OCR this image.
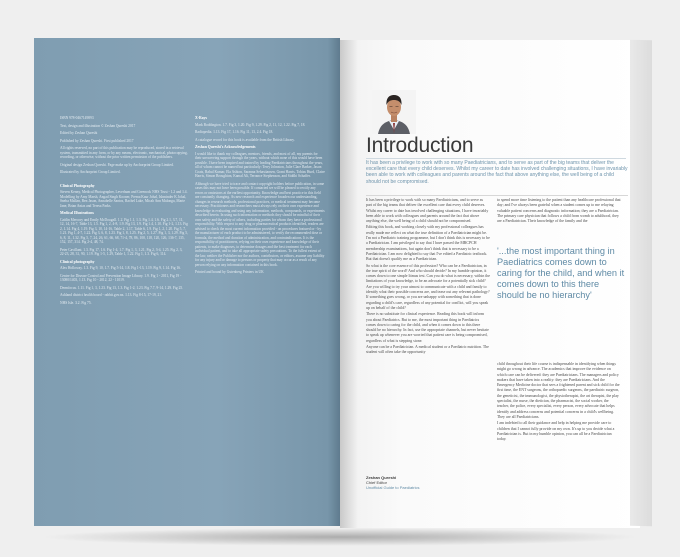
ISBN 978-0467149893

Text, design and illustration © Zeshan Qureshi 2017

Edited by Zeshan Qureshi

Published by Zeshan Qureshi. First published 2017

All rights reserved, no part of this publication may be reproduced, stored in a retrieval system, transmitted in any form, or by any means, electronic, mechanical, photocopying, recording, or otherwise, without the prior written permission of the publishers.

Original design Zeshan Qureshi. Page make up by Anchorprint Group Limited.

Illustrated by Anchorprint Group Limited.

Clinical Photography

Steven Kenny, Medical Photographer, Leverhum and Greenock NHS Trust - 1.2 and 1.4. Modelling by Amy Marsh, Angad Singh Kooner, Prema Kaur Johal, Ishminder K Johal, Sneha Mallan, Ben Jason, Annabelle Santos, Rachel Lake, Micah Ann Malonga, Marie Jane, Brian Anias and Teresa Parks.

Medical Illustrations

Caitlin Mercory and Emily McDougall. 1.2. Fig 1.1, 1.3. Fig 1.4, 1.6. Fig 2.1, 3.7, 11, 12, 14, 16-7, Table 13, 1.5. Fig 1, 2, 4-8, 1.9. Fig 13, 1.9. Fig 1.4, 1.10. Fig 1-2, 1.13. Fig 2, 1.14. Fig 4, 1.19. Fig 3, 10, 14-16, Table 2, 1.17, Table 6, 1.9. Fig 1, 2, 1.20. Fig 5, 7, 1.21. Fig 1, 4-7, 1.22. Fig 3, 6, 8, 1.23. Fig 1, 8, 1.25. Fig 2, 5, 1.27. Fig 1, 3, 1.29. Fig 5, 6, 8, 11, 1.32. Fig 5, 7, 24, 26, 61, 66, 68, 71-4, 78, 86, 100, 118, 120, 126, 136-7, 135, 152, 157, 314. Fig 2-4, 48, 74.

Peter Cavillant. 1.3. Fig 17, 1.6. Fig 1-4, 1.7. Fig 1, 3, 1.21, Fig 2, 3-4, 1.25. Fig 2, 3, 22-23, 28, 31, 90, 1.19. Fig 1-5, 1.29, Table 1, 1.22. Fig 1, 1.3. Fig 6, 114.

Clinical photography

Alex Holloway. 1.3. Fig 9, 10, 1.7. Fig 5-14, 1.8. Fig 1-13, 1.19. Fig 9, 1.14. Fig 16.

Centre for Disease Control and Prevention Image Library. 1.9. Fig 1 - 2011, Fig 19 - 13080/1403, 1.13. Fig 10 - 2012, 22 - 11019.

Dermfocus. 1.11. Fig 1, 3, 1.23. Fig 13, 1.3. Fig 1-2, 1.23. Fig 7.7, 9-14, 1.29. Fig 25.

Ashland district health board - rabbit.gov.nz. 1.13. Fig 8-15, 17-19, 21.

NHS Isle. 3.2. Fig 75.

X-Rays

Mark Boddington. 1.7. Fig 3, 1.20. Fig 9, 1.29. Fig 2, 11, 12, 1.22. Fig 7, 18.

Radiopedia. 1.13. Fig 17, 1.16. Fig 11, 13, 2.4. Fig 18.

A catalogue record for this book is available from the British Library.

Zeshan Qureshi's Acknowledgements

I would like to thank my colleagues, mentors, friends, and most of all, my parents for their unswerving support through the years, without which none of this would have been possible. I have been inspired and trained by leading Paediatricians throughout the years, all of whom cannot be named but particularly: Terry Johnston, Julie Clare Barker, Jason Coats, Rahul Kumar, Ela Ashton, Saranna Sebastiansen, Grant Harris, Tobias Hurd, Claire Harris, Simon Broughton, Kamal Ali, Terrance Stephenson, and Siddhi Schaffer.

Although we have tried to trace and contact copyright holders before publication, in some cases this may not have been possible. If contacted we will be pleased to rectify any errors or omissions at the earliest opportunity. Knowledge and best practice in this field are constantly changing. As new research and experience broaden our understanding, changes in research methods, professional practices, or medical treatment may become necessary. Practitioners and researchers must always rely on their own experience and knowledge in evaluating and using any information, methods, compounds, or experiments described herein. In using such information or methods they should be mindful of their own safety and the safety of others, including parties for whom they have a professional responsibility. With respect to any drug or pharmaceutical products identified, readers are advised to check the most current information provided - on procedures featured or - by the manufacturer of each product to be administered, to verify the recommended dose or formula, the method and duration of administration, and contraindications. It is the responsibility of practitioners, relying on their own experience and knowledge of their patients, to make diagnoses, to determine dosages and the best treatment for each individual patient, and to take all appropriate safety precautions. To the fullest extent of the law, neither the Publisher nor the authors, contributors, or editors, assume any liability for any injury and/or damage to persons or property that may occur as a result of any person relying on any information contained in this book.

Printed and bound by Gutenberg Printers in UK

Introduction

It has been a privilege to work with so many Paediatricians, and to serve as part of the big teams that deliver the excellent care that every child deserves. Whilst my career to date has involved challenging situations, I have invariably been able to work with colleagues and parents around the fact that above anything else, the well being of a child should not be compromised.

It has been a privilege to work with so many Paediatricians, and to serve as part of the big teams that deliver the excellent care that every child deserves. Whilst my career to date has involved challenging situations, I have invariably been able to work with colleagues and parents around the fact that above anything else, the well being of a child should not be compromised.

Editing this book, and working closely with my professional colleagues has really made me reflect on what the true definition of a Paediatrician might be. I'm not a Paediatric training programme, but I don't think this is necessary to be a Paediatrician. I am privileged to say that I have passed the MRCPCH membership examinations, but again don't think that is necessary to be a Paediatrician. I am now delighted to say that I've edited a Paediatric textbook. But that doesn't qualify me as a Paediatrician.

So what is the core essence of this profession? Who can be a Paediatrician, in the true spirit of the word? And who should decide? In my humble opinion, it comes down to one simple litmus test. Can you do what is necessary, within the limitations of your knowledge, to be an advocate for a potentially sick child? Are you willing to try your utmost to communicate with a child and family to identify what their possible concerns are, and tease out any relevant pathology? If something goes wrong, or you are unhappy with something that is done regarding a child's care, regardless of any potential for conflict, will you speak up on behalf of the child?

There is no substitute for clinical experience. Reading this book will inform you about Paediatrics. But to me, the most important thing in Paediatrics comes down to caring for the child, and when it comes down to this there should be no hierarchy. In fact, use the appropriate channels, but never hesitate to speak up whenever you are worried that patient care is being compromised, regardless of what is stepping stone.

Anyone can be a Paediatrician. A medical student or a Paediatric nutrition. The student will often take the opportunity

to spend more time listening to the patient than any healthcare professional that day; and I've always been grateful when a student comes up to me relaying valuable patient concerns and diagnostic information; they are a Paediatrician. The primary care physician that follows a child from womb to adulthood, they are a Paediatrician. Their knowledge of the family and the

'...the most important thing in Paediatrics comes down to caring for the child, and when it comes down to this there should be no hierarchy'

child throughout their life course is indispensable in identifying when things might go wrong in advance. The academics that improve the evidence on which care can be delivered: they are Paediatricians. The managers and policy makers that have taken into a reality: they are Paediatricians. And the Emergency Medicine doctor that sees a frightened parent and sick child for the first time, the ENT surgeons, the orthopaedic surgeons, the paediatric surgeon, the geneticist, the immunologist, the physiotherapist, the art therapist, the play specialist, the nurse, the dietician, the pharmacist, the social worker, the teacher, the police, every specialist, every person, every advocate that helps identify and address concerns and potential concerns in a child's wellbeing. They are all Paediatricians.

I am indebted to all their guidance and help in helping me provide care to children that I cannot fully provide on my own. It's up to you decide what a Paediatrician is. But in my humble opinion, you can all be a Paediatrician today.

Zeshan Qureshi
Chief Editor
Unofficial Guide to Paediatrics
